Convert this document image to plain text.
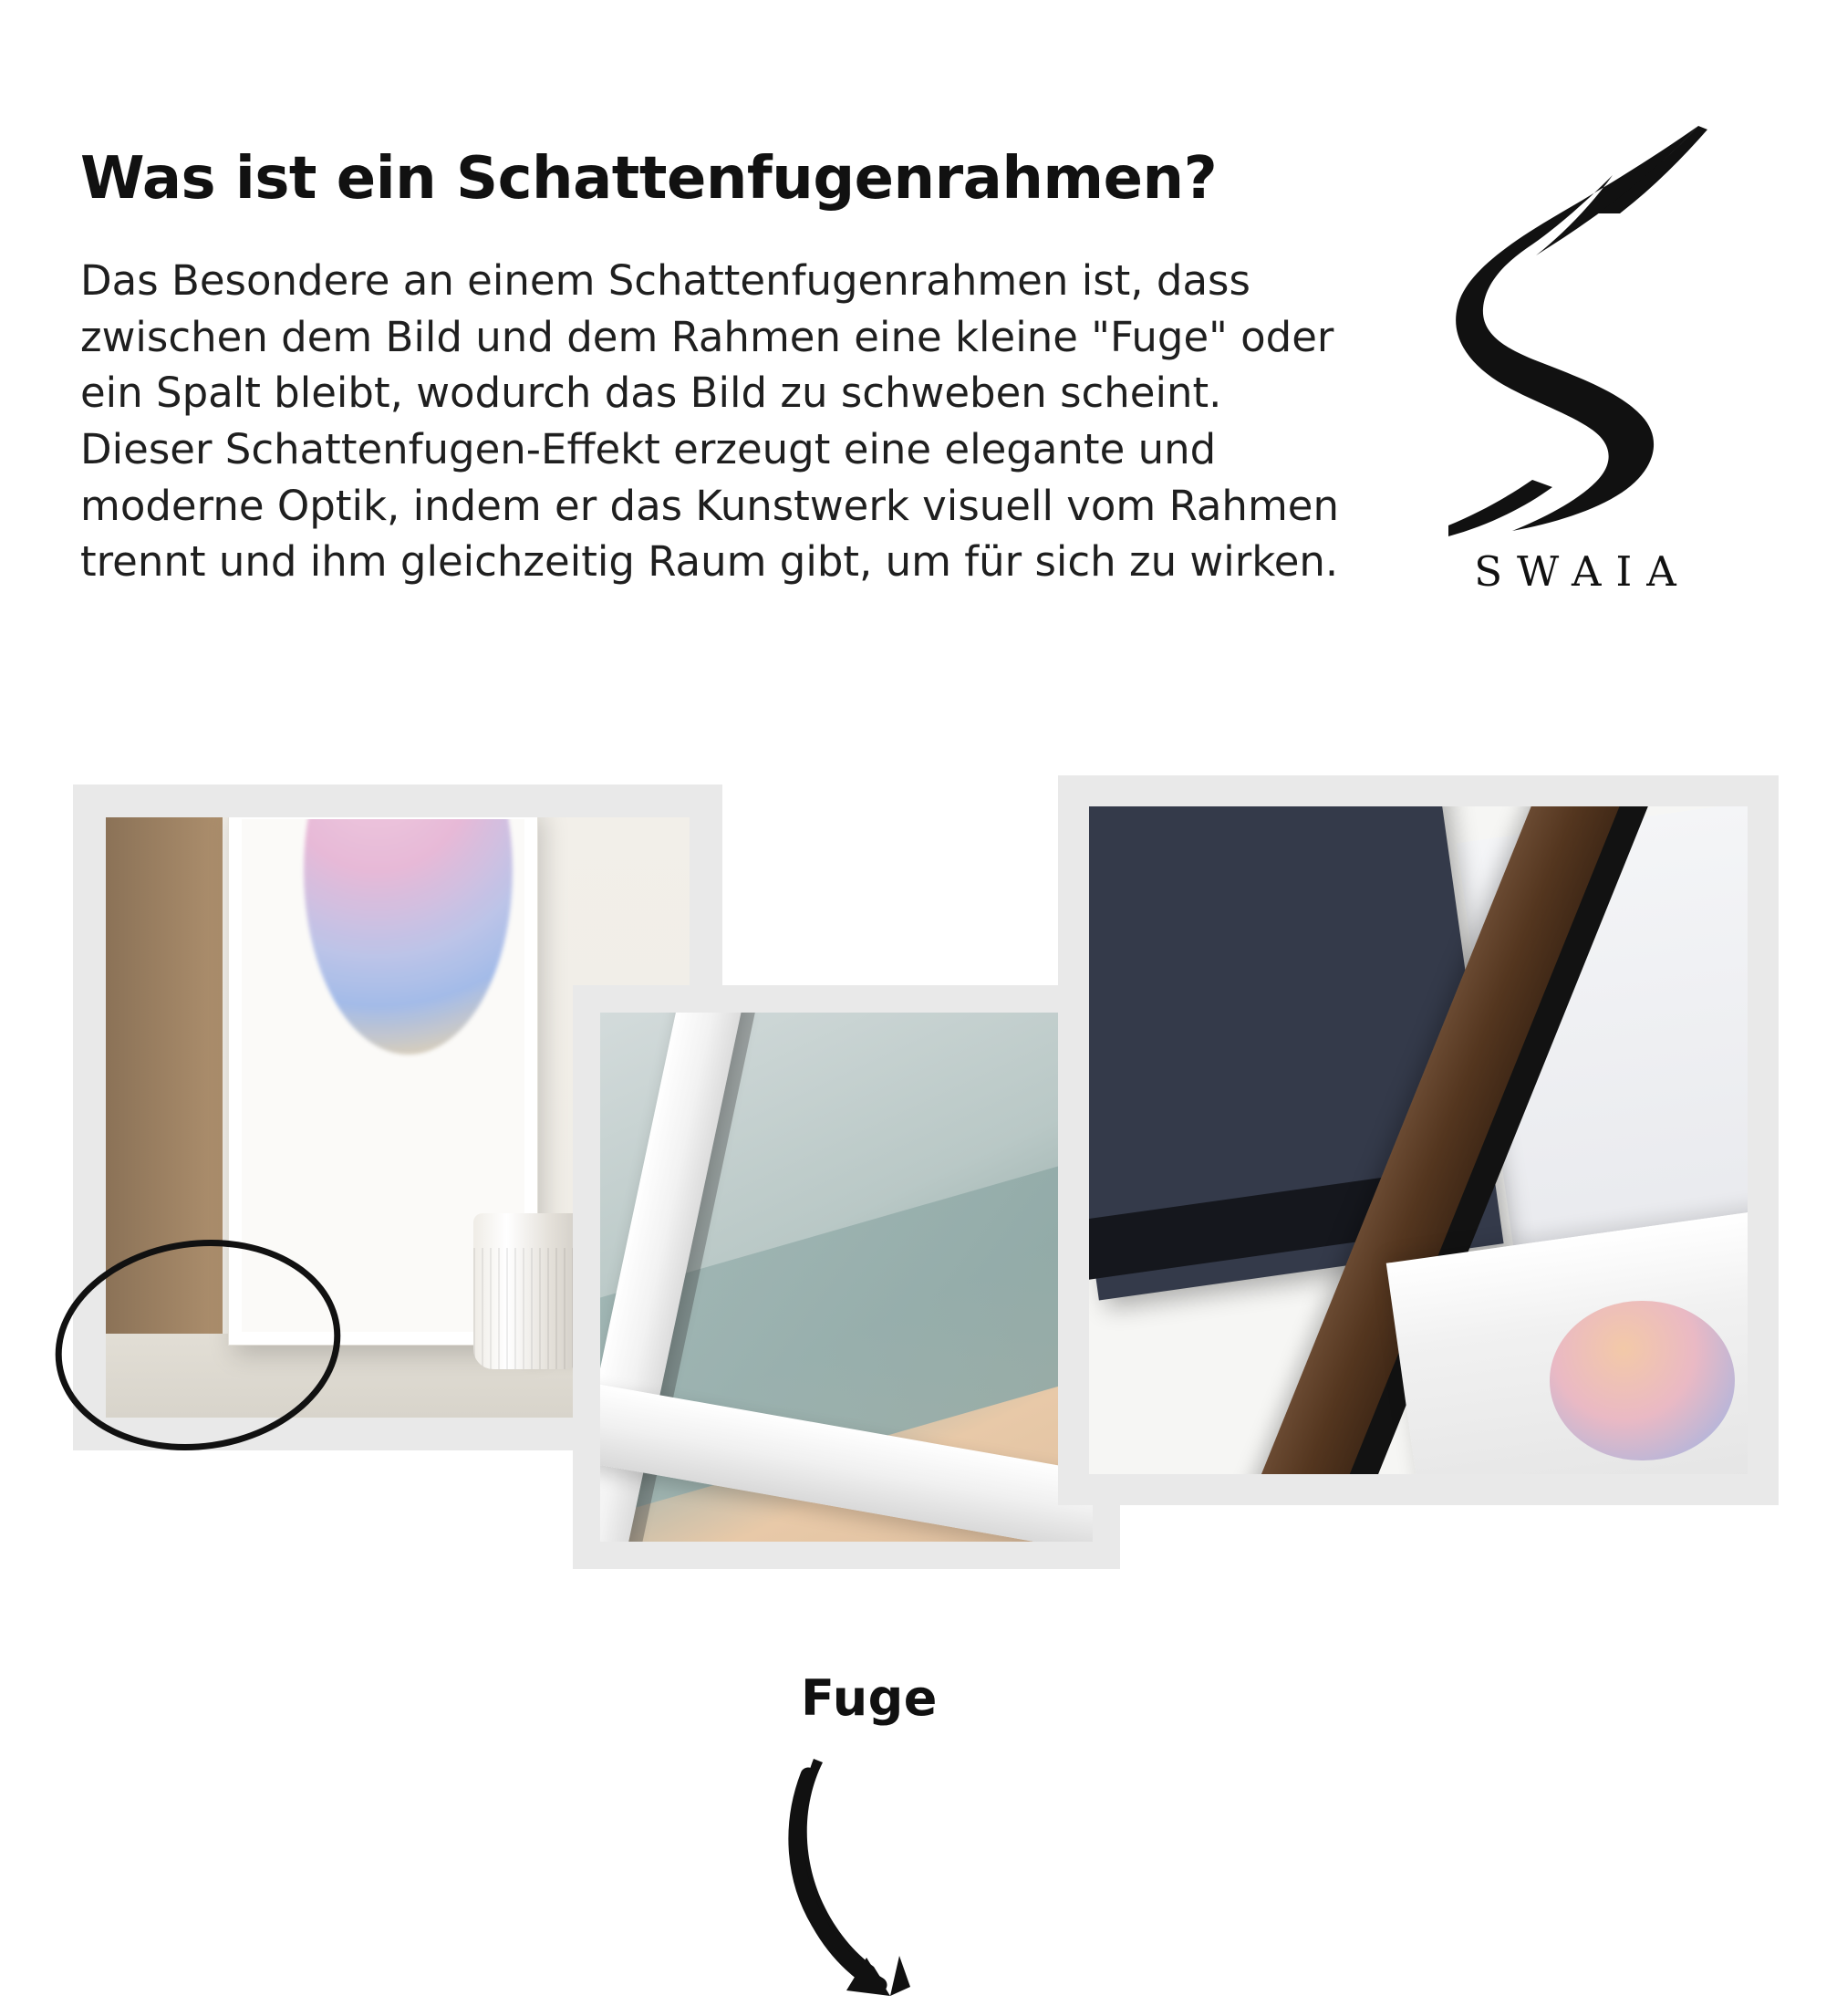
Was ist ein Schattenfugenrahmen?

Das Besondere an einem Schattenfugenrahmen ist, dass zwischen dem Bild und dem Rahmen eine kleine "Fuge" oder ein Spalt bleibt, wodurch das Bild zu schweben scheint. Dieser Schattenfugen-Effekt erzeugt eine elegante und moderne Optik, indem er das Kunstwerk visuell vom Rahmen trennt und ihm gleichzeitig Raum gibt, um für sich zu wirken.	SWAIA
Fuge
